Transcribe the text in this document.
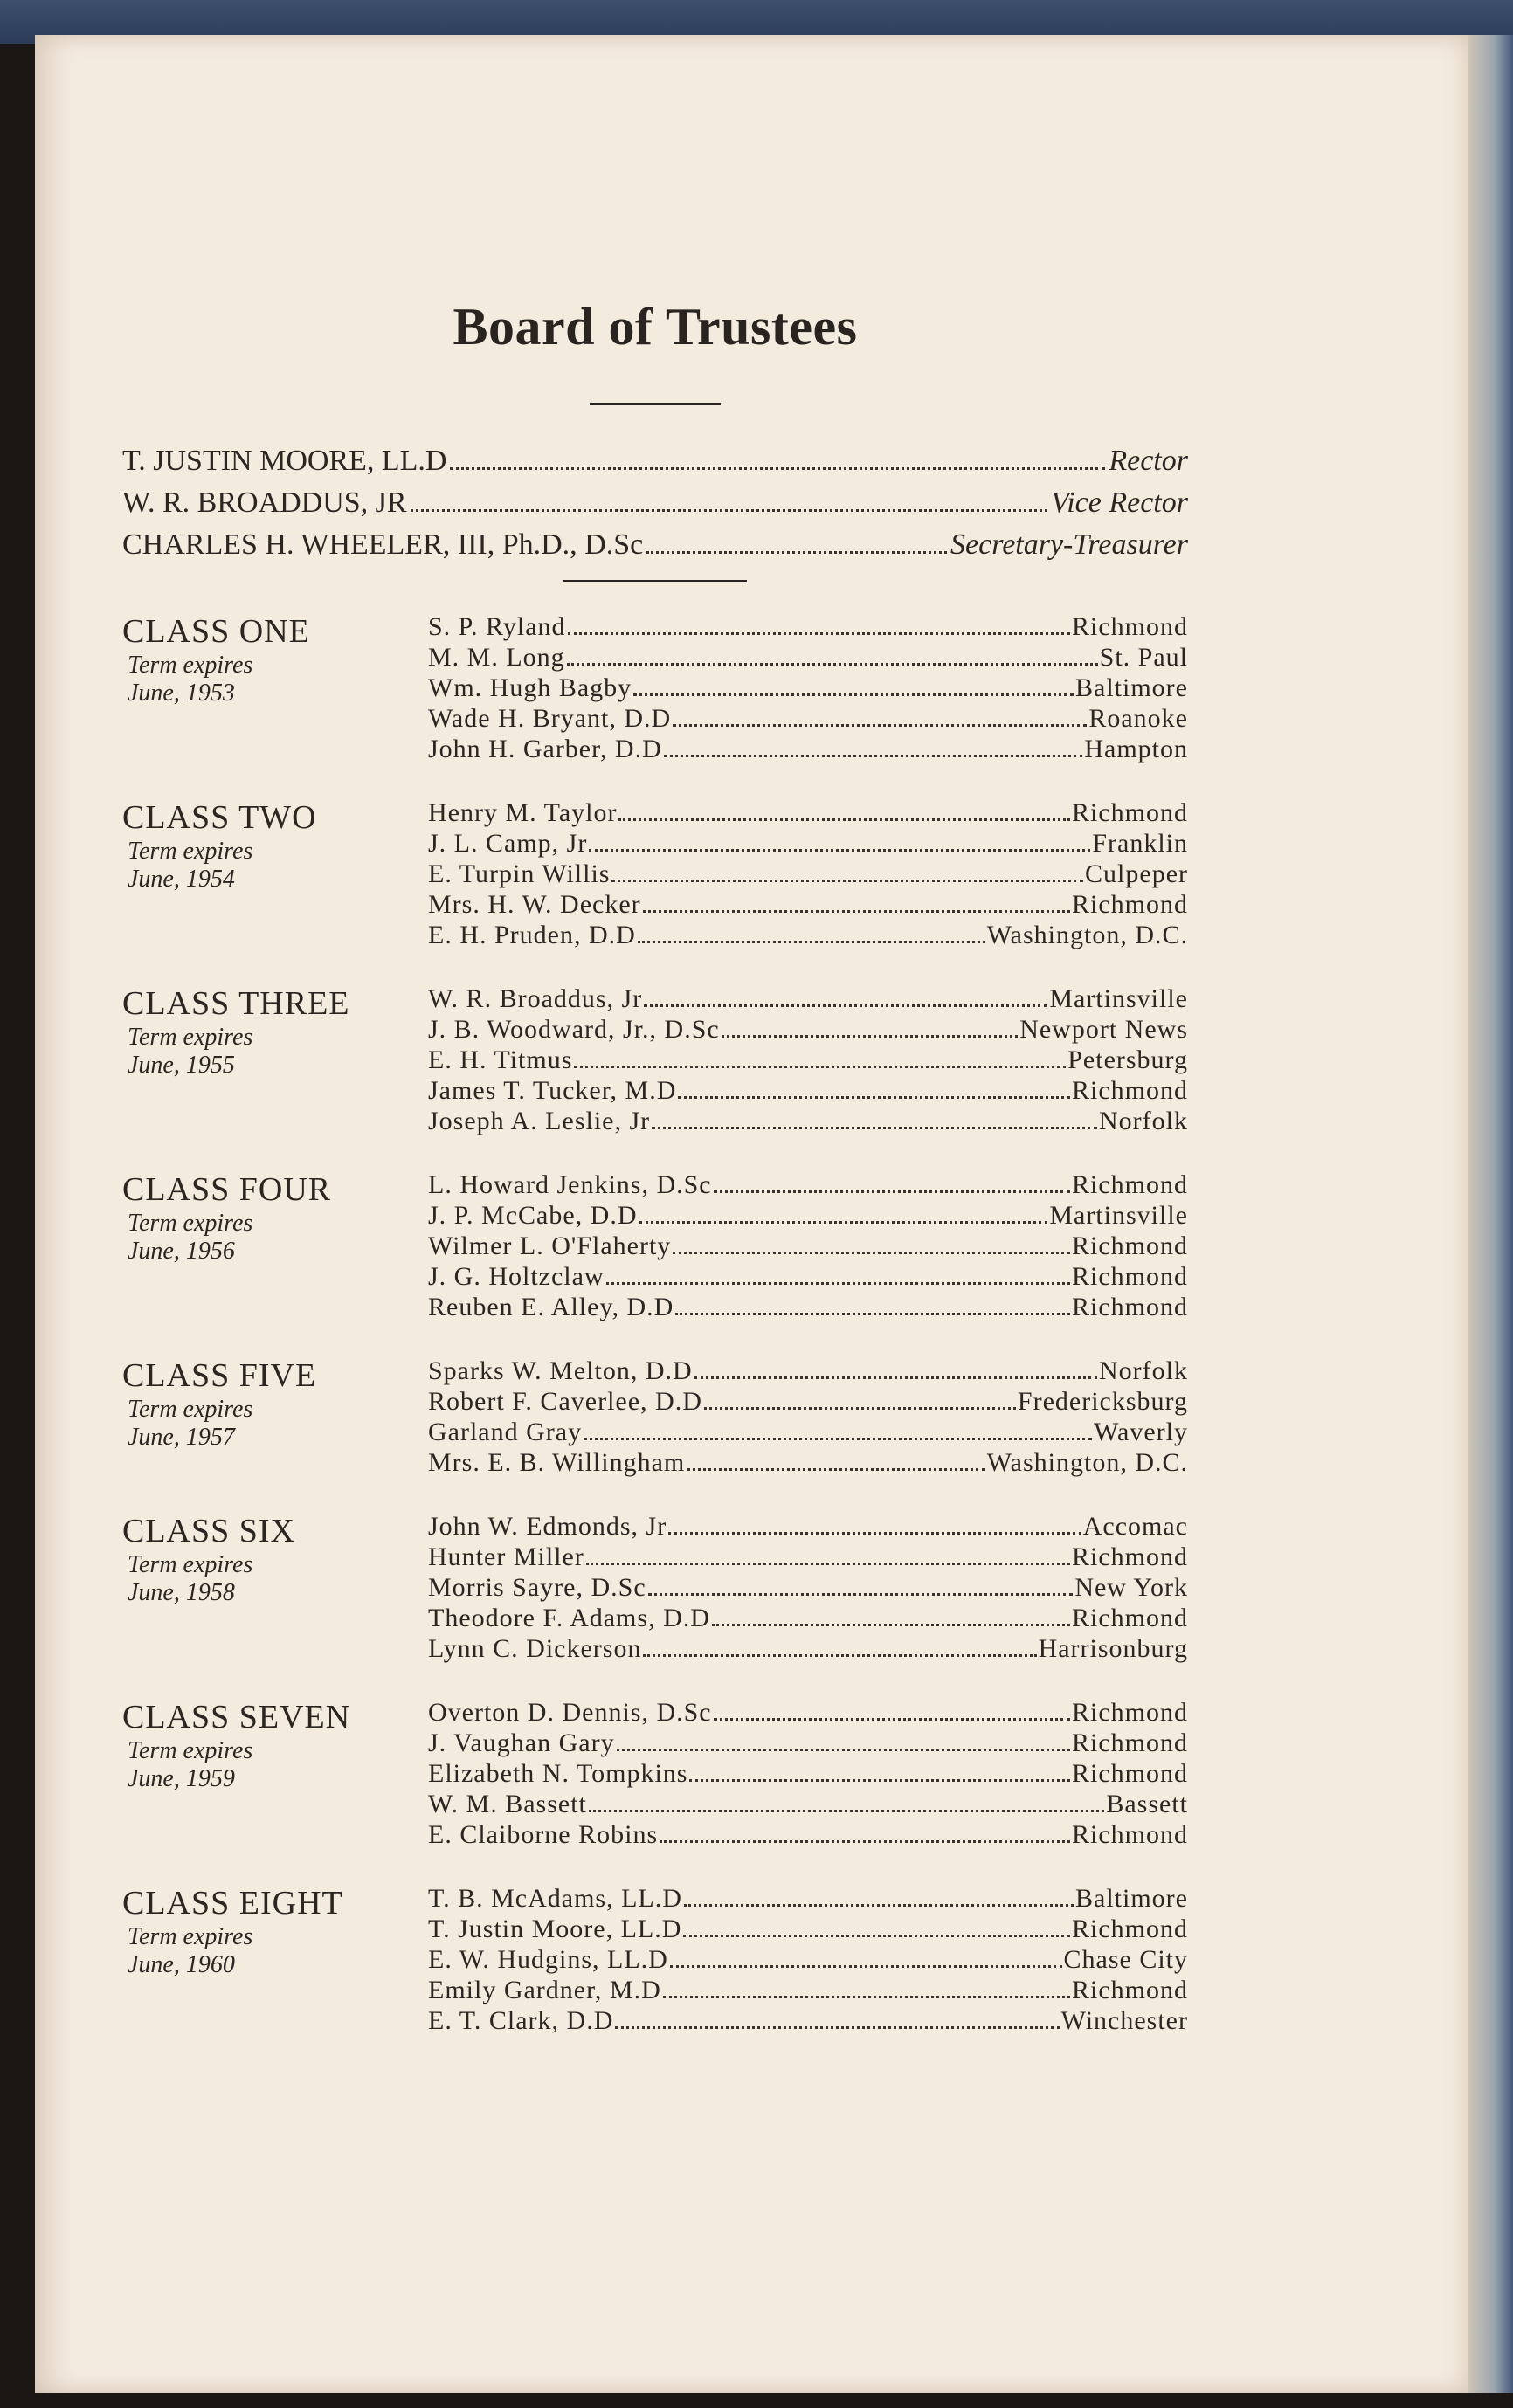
Board of Trustees
T. JUSTIN MOORE, LL.D	Rector
W. R. BROADDUS, JR	Vice Rector
CHARLES H. WHEELER, III, Ph.D., D.Sc	Secretary-Treasurer
CLASS ONE
Term expires
June, 1953
S. P. Ryland	Richmond
M. M. Long	St. Paul
Wm. Hugh Bagby	Baltimore
Wade H. Bryant, D.D	Roanoke
John H. Garber, D.D	Hampton
CLASS TWO
Term expires
June, 1954
Henry M. Taylor	Richmond
J. L. Camp, Jr	Franklin
E. Turpin Willis	Culpeper
Mrs. H. W. Decker	Richmond
E. H. Pruden, D.D	Washington, D.C.
CLASS THREE
Term expires
June, 1955
W. R. Broaddus, Jr	Martinsville
J. B. Woodward, Jr., D.Sc	Newport News
E. H. Titmus	Petersburg
James T. Tucker, M.D	Richmond
Joseph A. Leslie, Jr	Norfolk
CLASS FOUR
Term expires
June, 1956
L. Howard Jenkins, D.Sc	Richmond
J. P. McCabe, D.D	Martinsville
Wilmer L. O'Flaherty	Richmond
J. G. Holtzclaw	Richmond
Reuben E. Alley, D.D	Richmond
CLASS FIVE
Term expires
June, 1957
Sparks W. Melton, D.D	Norfolk
Robert F. Caverlee, D.D	Fredericksburg
Garland Gray	Waverly
Mrs. E. B. Willingham	Washington, D.C.
CLASS SIX
Term expires
June, 1958
John W. Edmonds, Jr	Accomac
Hunter Miller	Richmond
Morris Sayre, D.Sc	New York
Theodore F. Adams, D.D	Richmond
Lynn C. Dickerson	Harrisonburg
CLASS SEVEN
Term expires
June, 1959
Overton D. Dennis, D.Sc	Richmond
J. Vaughan Gary	Richmond
Elizabeth N. Tompkins	Richmond
W. M. Bassett	Bassett
E. Claiborne Robins	Richmond
CLASS EIGHT
Term expires
June, 1960
T. B. McAdams, LL.D	Baltimore
T. Justin Moore, LL.D	Richmond
E. W. Hudgins, LL.D	Chase City
Emily Gardner, M.D	Richmond
E. T. Clark, D.D	Winchester
